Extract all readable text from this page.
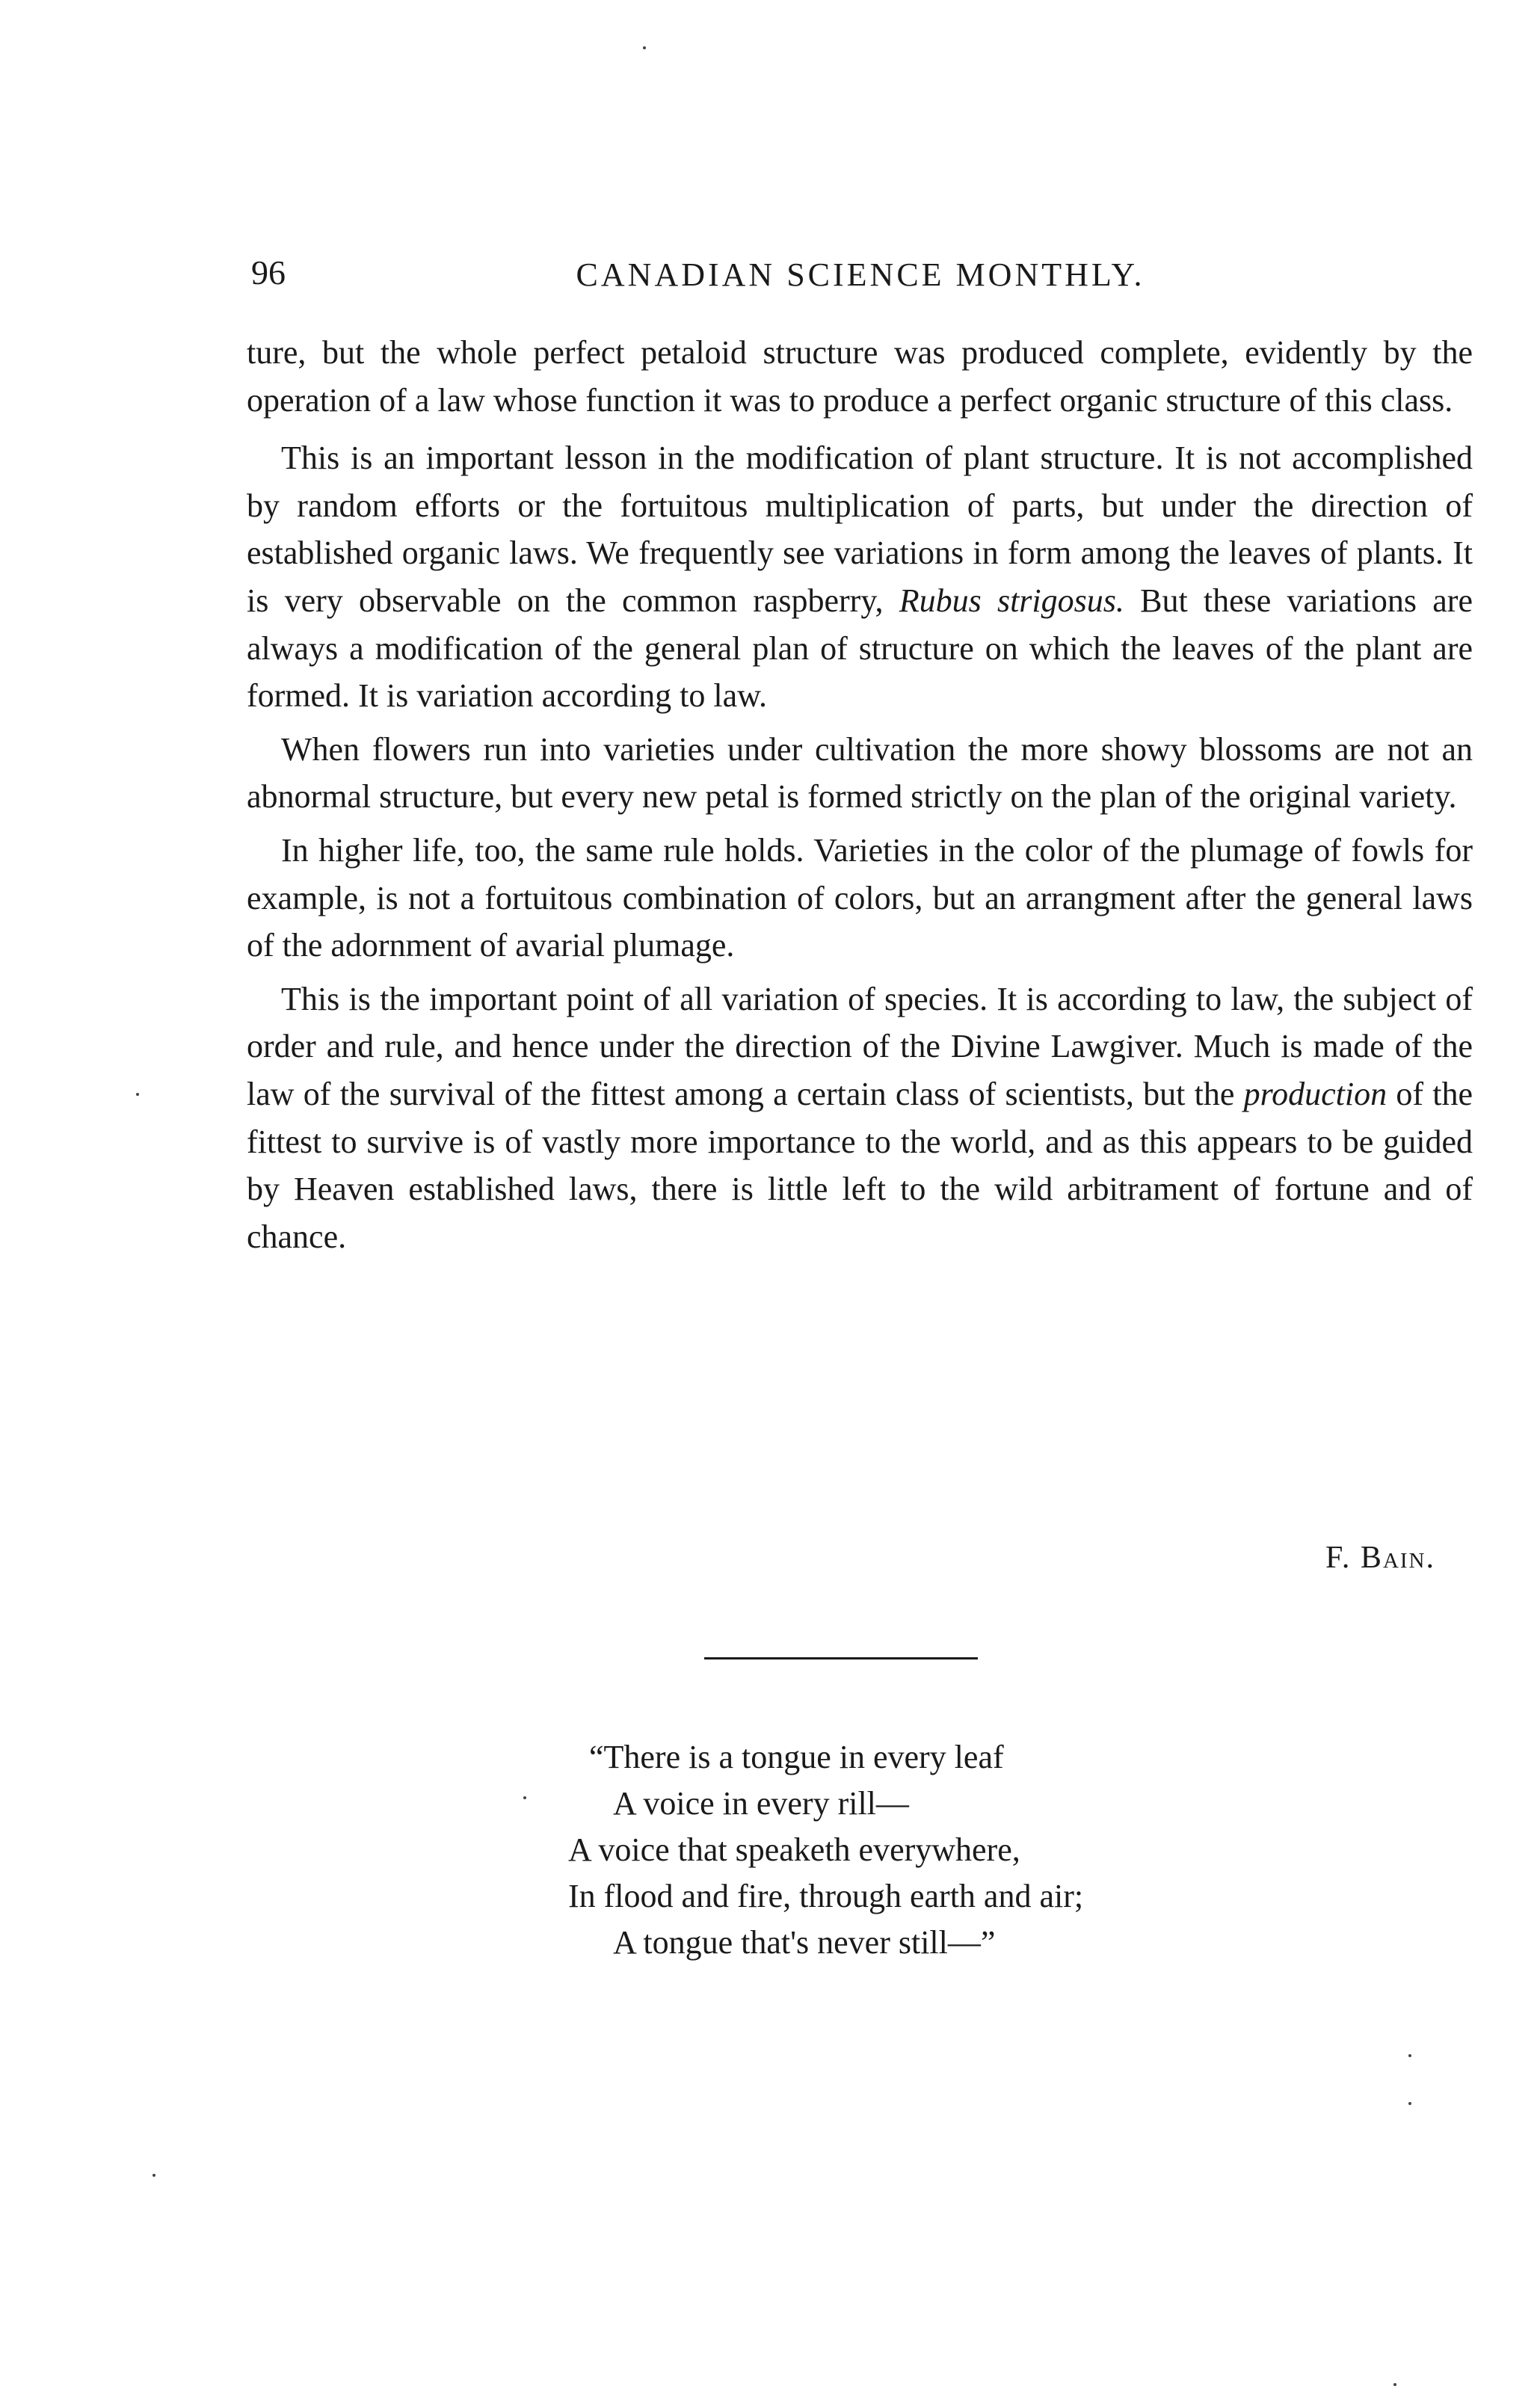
96	CANADIAN SCIENCE MONTHLY.

ture, but the whole perfect petaloid structure was produced complete, evidently by the operation of a law whose function it was to produce a perfect organic structure of this class.

This is an important lesson in the modification of plant structure. It is not accomplished by random efforts or the fortuitous multiplication of parts, but under the direction of established organic laws. We frequently see variations in form among the leaves of plants. It is very observable on the common raspberry, Rubus strigosus. But these variations are always a modification of the general plan of structure on which the leaves of the plant are formed. It is variation according to law.

When flowers run into varieties under cultivation the more showy blossoms are not an abnormal structure, but every new petal is formed strictly on the plan of the original variety.

In higher life, too, the same rule holds. Varieties in the color of the plumage of fowls for example, is not a fortuitous combination of colors, but an arrangment after the general laws of the adornment of avarial plumage.

This is the important point of all variation of species. It is according to law, the subject of order and rule, and hence under the direction of the Divine Lawgiver. Much is made of the law of the survival of the fittest among a certain class of scientists, but the production of the fittest to survive is of vastly more importance to the world, and as this appears to be guided by Heaven established laws, there is little left to the wild arbitrament of fortune and of chance.

F. Bain.
“There is a tongue in every leaf
A voice in every rill—
A voice that speaketh everywhere,
In flood and fire, through earth and air;
A tongue that's never still—”
